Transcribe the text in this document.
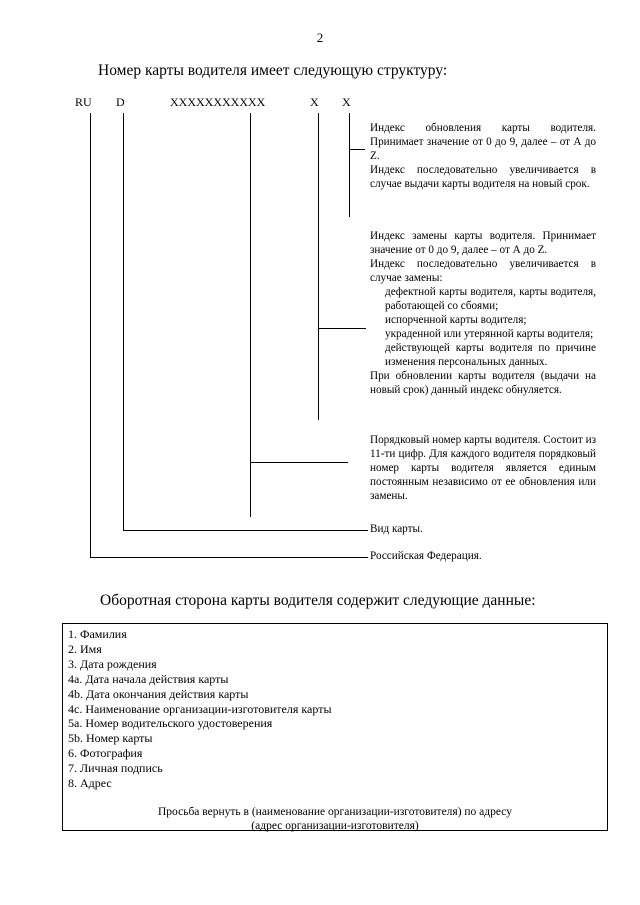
2
Номер карты водителя имеет следующую структуру:
RU D	XXXXXXXXXXX	X X
Индекс обновления карты водителя. Принимает значение от 0 до 9, далее – от А до Z.
Индекс последовательно увеличивается в случае выдачи карты водителя на новый срок.
Индекс замены карты водителя. Принимает значение от 0 до 9, далее – от А до Z.
Индекс последовательно увеличивается в случае замены:
дефектной карты водителя, карты водителя, работающей со сбоями;
испорченной карты водителя;
украденной или утерянной карты водителя;
действующей карты водителя по причине изменения персональных данных.
При обновлении карты водителя (выдачи на новый срок) данный индекс обнуляется.
Порядковый номер карты водителя. Состоит из 11-ти цифр. Для каждого водителя порядковый номер карты водителя является единым постоянным независимо от ее обновления или замены.
Вид карты.
Российская Федерация.
Оборотная сторона карты водителя содержит следующие данные:
1. Фамилия
2. Имя
3. Дата рождения
4a. Дата начала действия карты
4b. Дата окончания действия карты
4c. Наименование организации-изготовителя карты
5a. Номер водительского удостоверения
5b. Номер карты
6. Фотография
7. Личная подпись
8. Адрес
Просьба вернуть в (наименование организации-изготовителя) по адресу
(адрес организации-изготовителя)
